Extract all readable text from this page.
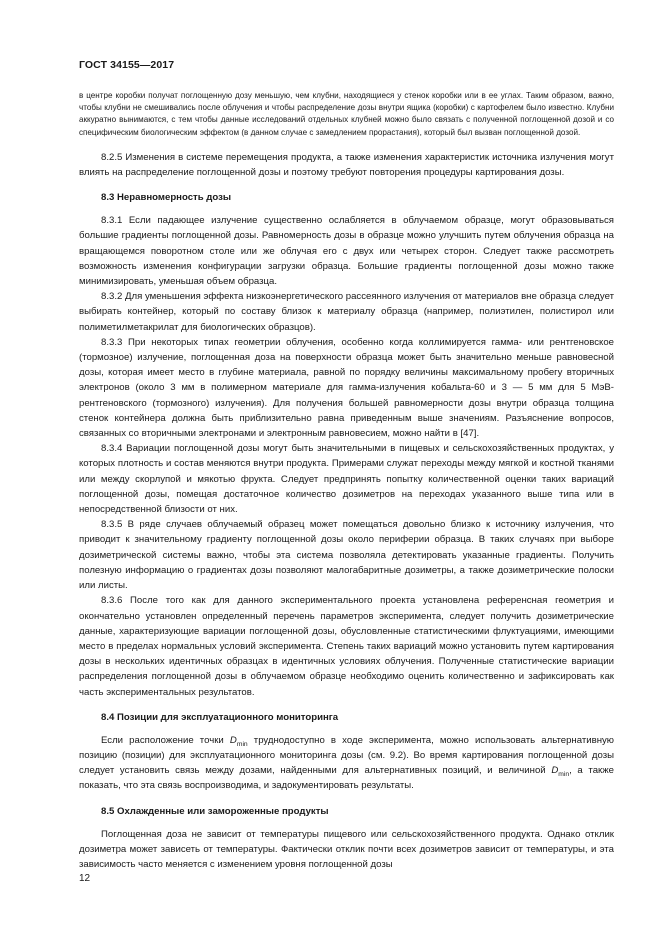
ГОСТ 34155—2017

в центре коробки получат поглощенную дозу меньшую, чем клубни, находящиеся у стенок коробки или в ее углах. Таким образом, важно, чтобы клубни не смешивались после облучения и чтобы распределение дозы внутри ящика (коробки) с картофелем было известно. Клубни аккуратно вынимаются, с тем чтобы данные исследований отдельных клубней можно было связать с полученной поглощенной дозой и со специфическим биологическим эффектом (в данном случае с замедлением прорастания), который был вызван поглощенной дозой.

8.2.5 Изменения в системе перемещения продукта, а также изменения характеристик источника излучения могут влиять на распределение поглощенной дозы и поэтому требуют повторения процедуры картирования дозы.

8.3 Неравномерность дозы

8.3.1 Если падающее излучение существенно ослабляется в облучаемом образце, могут образовываться большие градиенты поглощенной дозы. Равномерность дозы в образце можно улучшить путем облучения образца на вращающемся поворотном столе или же облучая его с двух или четырех сторон. Следует также рассмотреть возможность изменения конфигурации загрузки образца. Большие градиенты поглощенной дозы можно также минимизировать, уменьшая объем образца.

8.3.2 Для уменьшения эффекта низкоэнергетического рассеянного излучения от материалов вне образца следует выбирать контейнер, который по составу близок к материалу образца (например, полиэтилен, полистирол или полиметилметакрилат для биологических образцов).

8.3.3 При некоторых типах геометрии облучения, особенно когда коллимируется гамма- или рентгеновское (тормозное) излучение, поглощенная доза на поверхности образца может быть значительно меньше равновесной дозы, которая имеет место в глубине материала, равной по порядку величины максимальному пробегу вторичных электронов (около 3 мм в полимерном материале для гамма-излучения кобальта-60 и 3 — 5 мм для 5 МэВ-рентгеновского (тормозного) излучения). Для получения большей равномерности дозы внутри образца толщина стенок контейнера должна быть приблизительно равна приведенным выше значениям. Разъяснение вопросов, связанных со вторичными электронами и электронным равновесием, можно найти в [47].

8.3.4 Вариации поглощенной дозы могут быть значительными в пищевых и сельскохозяйственных продуктах, у которых плотность и состав меняются внутри продукта. Примерами служат переходы между мягкой и костной тканями или между скорлупой и мякотью фрукта. Следует предпринять попытку количественной оценки таких вариаций поглощенной дозы, помещая достаточное количество дозиметров на переходах указанного выше типа или в непосредственной близости от них.

8.3.5 В ряде случаев облучаемый образец может помещаться довольно близко к источнику излучения, что приводит к значительному градиенту поглощенной дозы около периферии образца. В таких случаях при выборе дозиметрической системы важно, чтобы эта система позволяла детектировать указанные градиенты. Получить полезную информацию о градиентах дозы позволяют малогабаритные дозиметры, а также дозиметрические полоски или листы.

8.3.6 После того как для данного экспериментального проекта установлена референсная геометрия и окончательно установлен определенный перечень параметров эксперимента, следует получить дозиметрические данные, характеризующие вариации поглощенной дозы, обусловленные статистическими флуктуациями, имеющими место в пределах нормальных условий эксперимента. Степень таких вариаций можно установить путем картирования дозы в нескольких идентичных образцах в идентичных условиях облучения. Полученные статистические вариации распределения поглощенной дозы в облучаемом образце необходимо оценить количественно и зафиксировать как часть экспериментальных результатов.

8.4 Позиции для эксплуатационного мониторинга

Если расположение точки $D_{min}$ труднодоступно в ходе эксперимента, можно использовать альтернативную позицию (позиции) для эксплуатационного мониторинга дозы (см. 9.2). Во время картирования поглощенной дозы следует установить связь между дозами, найденными для альтернативных позиций, и величиной $D_{min}$, а также показать, что эта связь воспроизводима, и задокументировать результаты.

8.5 Охлажденные или замороженные продукты

Поглощенная доза не зависит от температуры пищевого или сельскохозяйственного продукта. Однако отклик дозиметра может зависеть от температуры. Фактически отклик почти всех дозиметров зависит от температуры, и эта зависимость часто меняется с изменением уровня поглощенной дозы

12
